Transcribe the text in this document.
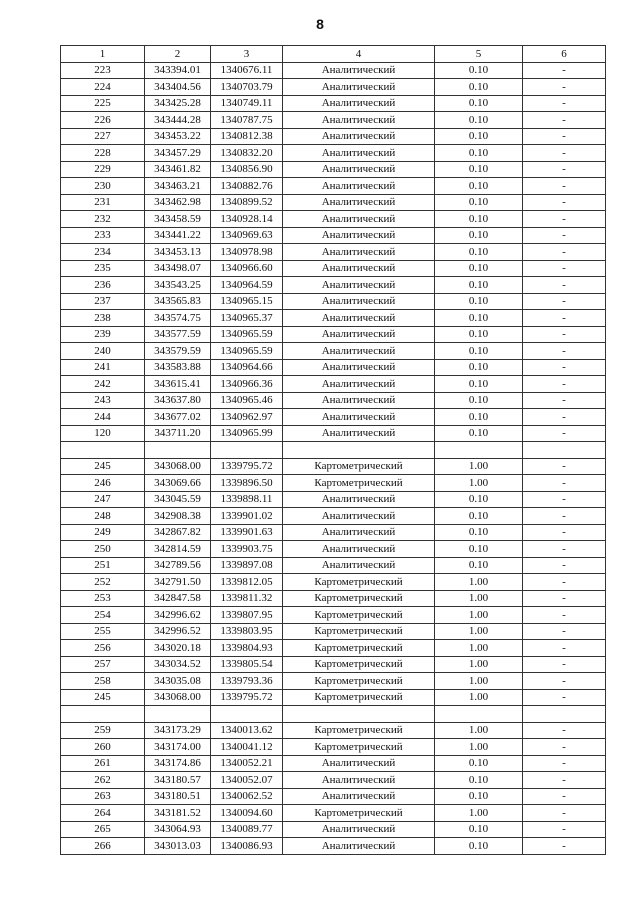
8
1	2	3	4	5	6
223	343394.01	1340676.11	Аналитический	0.10	-
224	343404.56	1340703.79	Аналитический	0.10	-
225	343425.28	1340749.11	Аналитический	0.10	-
226	343444.28	1340787.75	Аналитический	0.10	-
227	343453.22	1340812.38	Аналитический	0.10	-
228	343457.29	1340832.20	Аналитический	0.10	-
229	343461.82	1340856.90	Аналитический	0.10	-
230	343463.21	1340882.76	Аналитический	0.10	-
231	343462.98	1340899.52	Аналитический	0.10	-
232	343458.59	1340928.14	Аналитический	0.10	-
233	343441.22	1340969.63	Аналитический	0.10	-
234	343453.13	1340978.98	Аналитический	0.10	-
235	343498.07	1340966.60	Аналитический	0.10	-
236	343543.25	1340964.59	Аналитический	0.10	-
237	343565.83	1340965.15	Аналитический	0.10	-
238	343574.75	1340965.37	Аналитический	0.10	-
239	343577.59	1340965.59	Аналитический	0.10	-
240	343579.59	1340965.59	Аналитический	0.10	-
241	343583.88	1340964.66	Аналитический	0.10	-
242	343615.41	1340966.36	Аналитический	0.10	-
243	343637.80	1340965.46	Аналитический	0.10	-
244	343677.02	1340962.97	Аналитический	0.10	-
120	343711.20	1340965.99	Аналитический	0.10	-

245	343068.00	1339795.72	Картометрический	1.00	-
246	343069.66	1339896.50	Картометрический	1.00	-
247	343045.59	1339898.11	Аналитический	0.10	-
248	342908.38	1339901.02	Аналитический	0.10	-
249	342867.82	1339901.63	Аналитический	0.10	-
250	342814.59	1339903.75	Аналитический	0.10	-
251	342789.56	1339897.08	Аналитический	0.10	-
252	342791.50	1339812.05	Картометрический	1.00	-
253	342847.58	1339811.32	Картометрический	1.00	-
254	342996.62	1339807.95	Картометрический	1.00	-
255	342996.52	1339803.95	Картометрический	1.00	-
256	343020.18	1339804.93	Картометрический	1.00	-
257	343034.52	1339805.54	Картометрический	1.00	-
258	343035.08	1339793.36	Картометрический	1.00	-
245	343068.00	1339795.72	Картометрический	1.00	-

259	343173.29	1340013.62	Картометрический	1.00	-
260	343174.00	1340041.12	Картометрический	1.00	-
261	343174.86	1340052.21	Аналитический	0.10	-
262	343180.57	1340052.07	Аналитический	0.10	-
263	343180.51	1340062.52	Аналитический	0.10	-
264	343181.52	1340094.60	Картометрический	1.00	-
265	343064.93	1340089.77	Аналитический	0.10	-
266	343013.03	1340086.93	Аналитический	0.10	-
